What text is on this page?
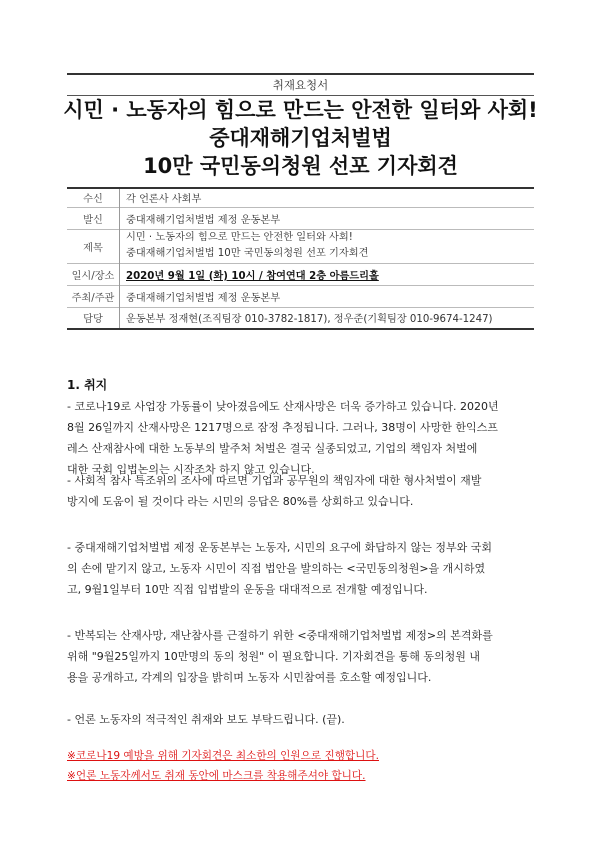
취재요청서
시민 · 노동자의 힘으로 만드는 안전한 일터와 사회!
중대재해기업처벌법
10만 국민동의청원 선포 기자회견
수신	각 언론사 사회부
발신	중대재해기업처벌법 제정 운동본부
제목	시민 · 노동자의 힘으로 만드는 안전한 일터와 사회!
중대재해기업처벌법 10만 국민동의청원 선포 기자회견

일시/장소	2020년 9월 1일 (화) 10시 / 참여연대 2층 아름드리홀
주최/주관	중대재해기업처벌법 제정 운동본부
담당	운동본부 정재현(조직팀장 010-3782-1817), 정우준(기획팀장 010-9674-1247)
1. 취지
- 코로나19로 사업장 가동률이 낮아졌음에도 산재사망은 더욱 증가하고 있습니다. 2020년
8월 26일까지 산재사망은 1217명으로 잠정 추정됩니다. 그러나, 38명이 사망한 한익스프
레스 산재참사에 대한 노동부의 발주처 처벌은 결국 실종되었고, 기업의 책임자 처벌에
대한 국회 입법논의는 시작조차 하지 않고 있습니다.
- 사회적 참사 특조위의 조사에 따르면 기업과 공무원의 책임자에 대한 형사처벌이 재발
방지에 도움이 될 것이다 라는 시민의 응답은 80%를 상회하고 있습니다.
- 중대재해기업처벌법 제정 운동본부는 노동자, 시민의 요구에 화답하지 않는 정부와 국회
의 손에 맡기지 않고, 노동자 시민이 직접 법안을 발의하는 <국민동의청원>을 개시하였
고, 9월1일부터 10만 직접 입법발의 운동을 대대적으로 전개할 예정입니다.
- 반복되는 산재사망, 재난참사를 근절하기 위한 <중대재해기업처벌법 제정>의 본격화를
위해 "9월25일까지 10만명의 동의 청원" 이 필요합니다. 기자회견을 통해 동의청원 내
용을 공개하고, 각계의 입장을 밝히며 노동자 시민참여를 호소할 예정입니다.
- 언론 노동자의 적극적인 취재와 보도 부탁드립니다. (끝).
※코로나19 예방을 위해 기자회견은 최소한의 인원으로 진행합니다.
※언론 노동자께서도 취재 동안에 마스크를 착용해주셔야 합니다.
